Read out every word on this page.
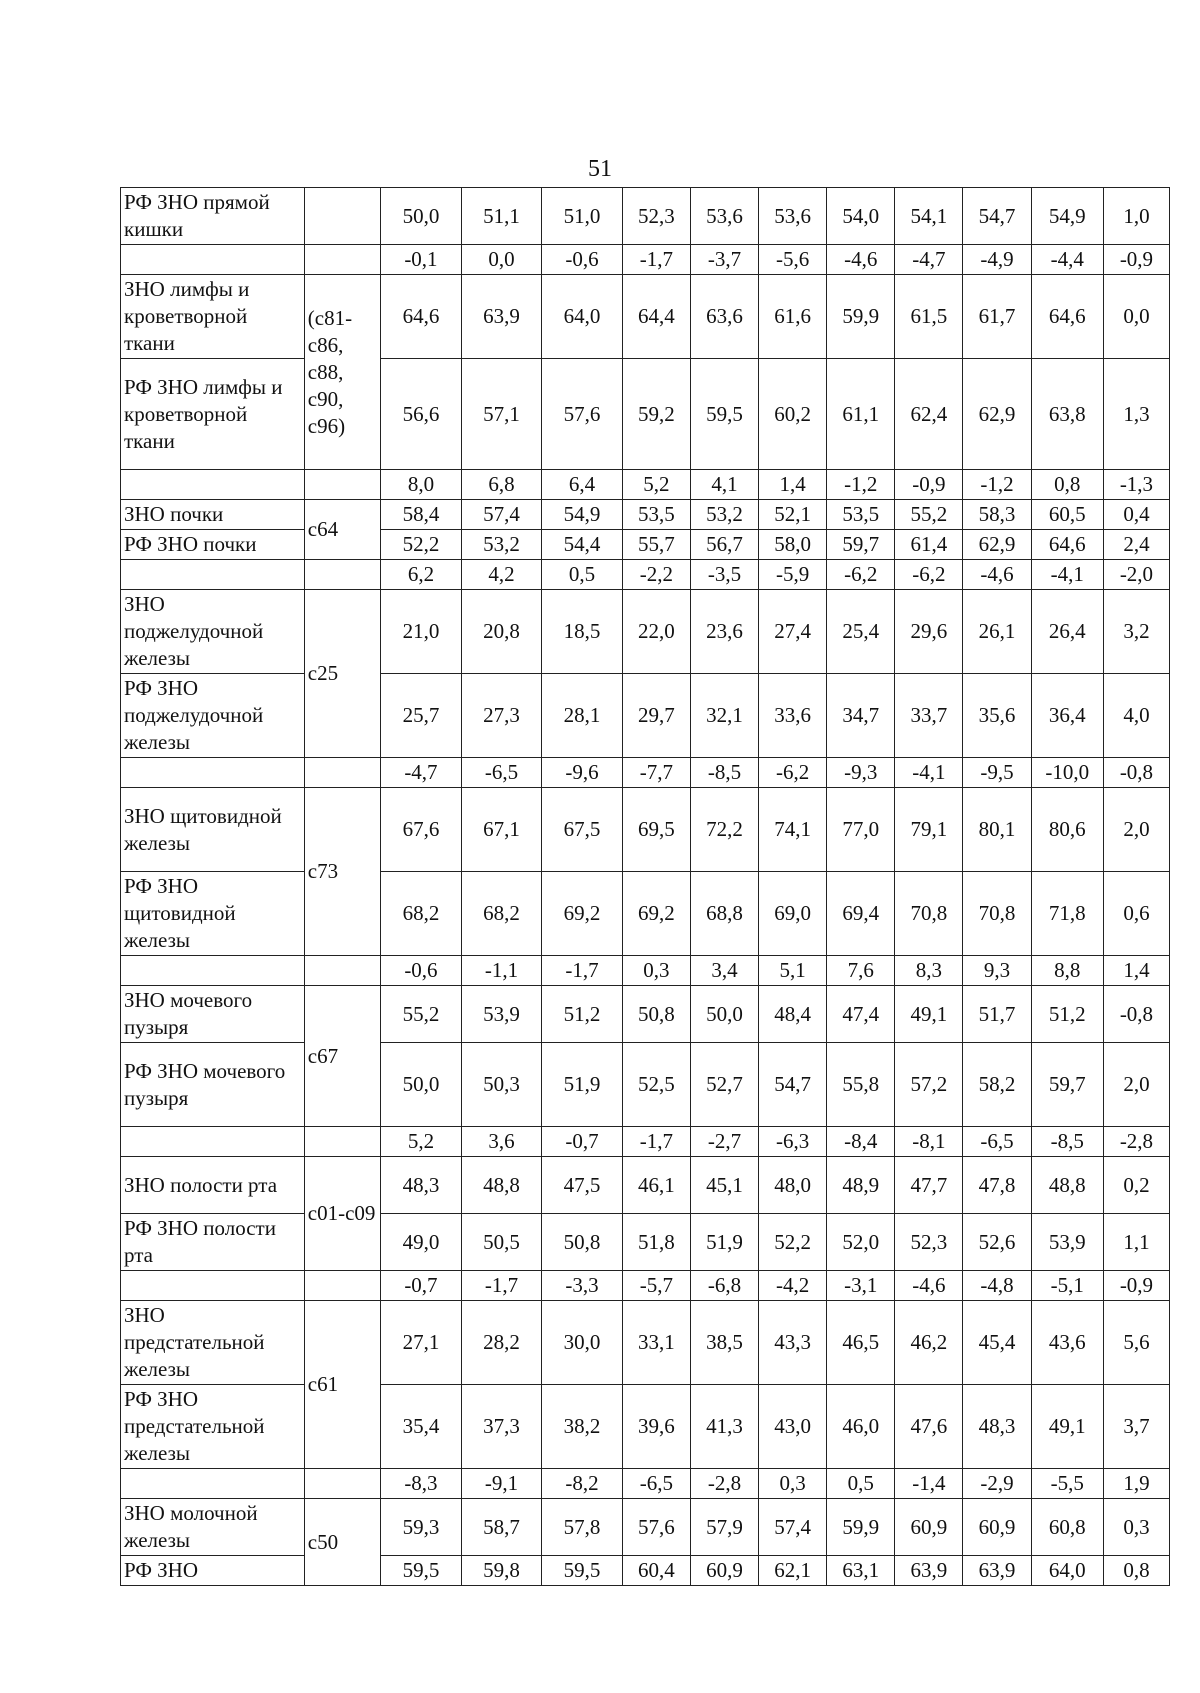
51
РФ ЗНО прямой кишки		50,0	51,1	51,0	52,3	53,6	53,6	54,0	54,1	54,7	54,9	1,0
		-0,1	0,0	-0,6	-1,7	-3,7	-5,6	-4,6	-4,7	-4,9	-4,4	-0,9
ЗНО лимфы и кроветворной ткани	(c81-c86, c88, c90, c96)	64,6	63,9	64,0	64,4	63,6	61,6	59,9	61,5	61,7	64,6	0,0
РФ ЗНО лимфы и кроветворной ткани		56,6	57,1	57,6	59,2	59,5	60,2	61,1	62,4	62,9	63,8	1,3
		8,0	6,8	6,4	5,2	4,1	1,4	-1,2	-0,9	-1,2	0,8	-1,3
ЗНО почки	c64	58,4	57,4	54,9	53,5	53,2	52,1	53,5	55,2	58,3	60,5	0,4
РФ ЗНО почки		52,2	53,2	54,4	55,7	56,7	58,0	59,7	61,4	62,9	64,6	2,4
		6,2	4,2	0,5	-2,2	-3,5	-5,9	-6,2	-6,2	-4,6	-4,1	-2,0
ЗНО поджелудочной железы	c25	21,0	20,8	18,5	22,0	23,6	27,4	25,4	29,6	26,1	26,4	3,2
РФ ЗНО поджелудочной железы		25,7	27,3	28,1	29,7	32,1	33,6	34,7	33,7	35,6	36,4	4,0
		-4,7	-6,5	-9,6	-7,7	-8,5	-6,2	-9,3	-4,1	-9,5	-10,0	-0,8
ЗНО щитовидной железы	c73	67,6	67,1	67,5	69,5	72,2	74,1	77,0	79,1	80,1	80,6	2,0
РФ ЗНО щитовидной железы		68,2	68,2	69,2	69,2	68,8	69,0	69,4	70,8	70,8	71,8	0,6
		-0,6	-1,1	-1,7	0,3	3,4	5,1	7,6	8,3	9,3	8,8	1,4
ЗНО мочевого пузыря	c67	55,2	53,9	51,2	50,8	50,0	48,4	47,4	49,1	51,7	51,2	-0,8
РФ ЗНО мочевого пузыря		50,0	50,3	51,9	52,5	52,7	54,7	55,8	57,2	58,2	59,7	2,0
		5,2	3,6	-0,7	-1,7	-2,7	-6,3	-8,4	-8,1	-6,5	-8,5	-2,8
ЗНО полости рта	c01-c09	48,3	48,8	47,5	46,1	45,1	48,0	48,9	47,7	47,8	48,8	0,2
РФ ЗНО полости рта		49,0	50,5	50,8	51,8	51,9	52,2	52,0	52,3	52,6	53,9	1,1
		-0,7	-1,7	-3,3	-5,7	-6,8	-4,2	-3,1	-4,6	-4,8	-5,1	-0,9
ЗНО предстательной железы	c61	27,1	28,2	30,0	33,1	38,5	43,3	46,5	46,2	45,4	43,6	5,6
РФ ЗНО предстательной железы		35,4	37,3	38,2	39,6	41,3	43,0	46,0	47,6	48,3	49,1	3,7
		-8,3	-9,1	-8,2	-6,5	-2,8	0,3	0,5	-1,4	-2,9	-5,5	1,9
ЗНО молочной железы	c50	59,3	58,7	57,8	57,6	57,9	57,4	59,9	60,9	60,9	60,8	0,3
РФ ЗНО		59,5	59,8	59,5	60,4	60,9	62,1	63,1	63,9	63,9	64,0	0,8
